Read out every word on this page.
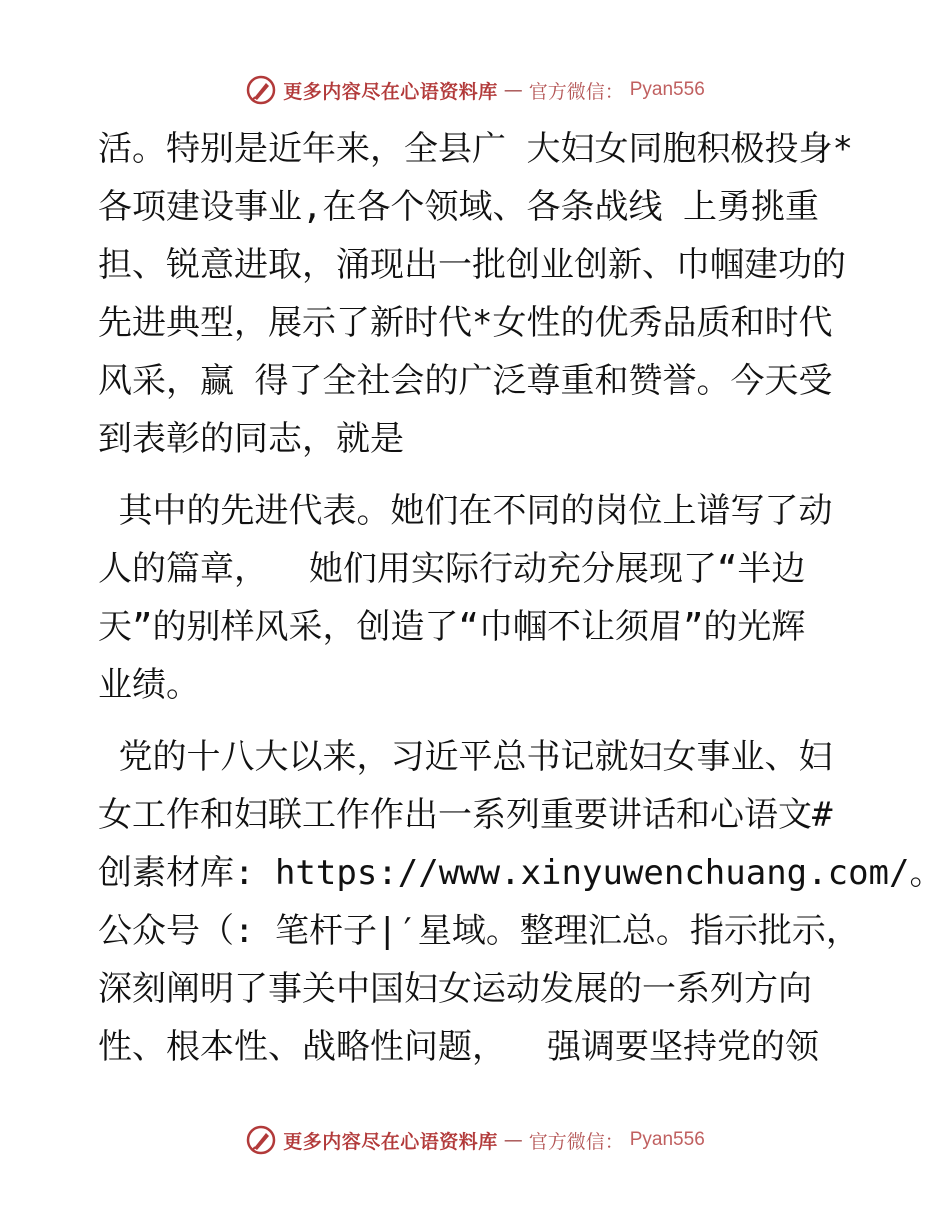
更多内容尽在心语资料库 — 官方微信： Pyan556
活。特别是近年来，全县广 大妇女同胞积极投身*
各项建设事业,在各个领域、各条战线 上勇挑重
担、锐意进取，涌现出一批创业创新、巾帼建功的
先进典型，展示了新时代*女性的优秀品质和时代
风采，赢 得了全社会的广泛尊重和赞誉。今天受
到表彰的同志，就是
其中的先进代表。她们在不同的岗位上谱写了动
人的篇章，  她们用实际行动充分展现了“半边
天”的别样风采，创造了“巾帼不让须眉”的光辉
业绩。
党的十八大以来，习近平总书记就妇女事业、妇
女工作和妇联工作作出一系列重要讲话和心语文#
创素材库: https://www.xinyuwenchuang.com/。
公众号（: 笔杆子|′星域。整理汇总。指示批示，
深刻阐明了事关中国妇女运动发展的一系列方向
性、根本性、战略性问题，  强调要坚持党的领
更多内容尽在心语资料库 — 官方微信： Pyan556
